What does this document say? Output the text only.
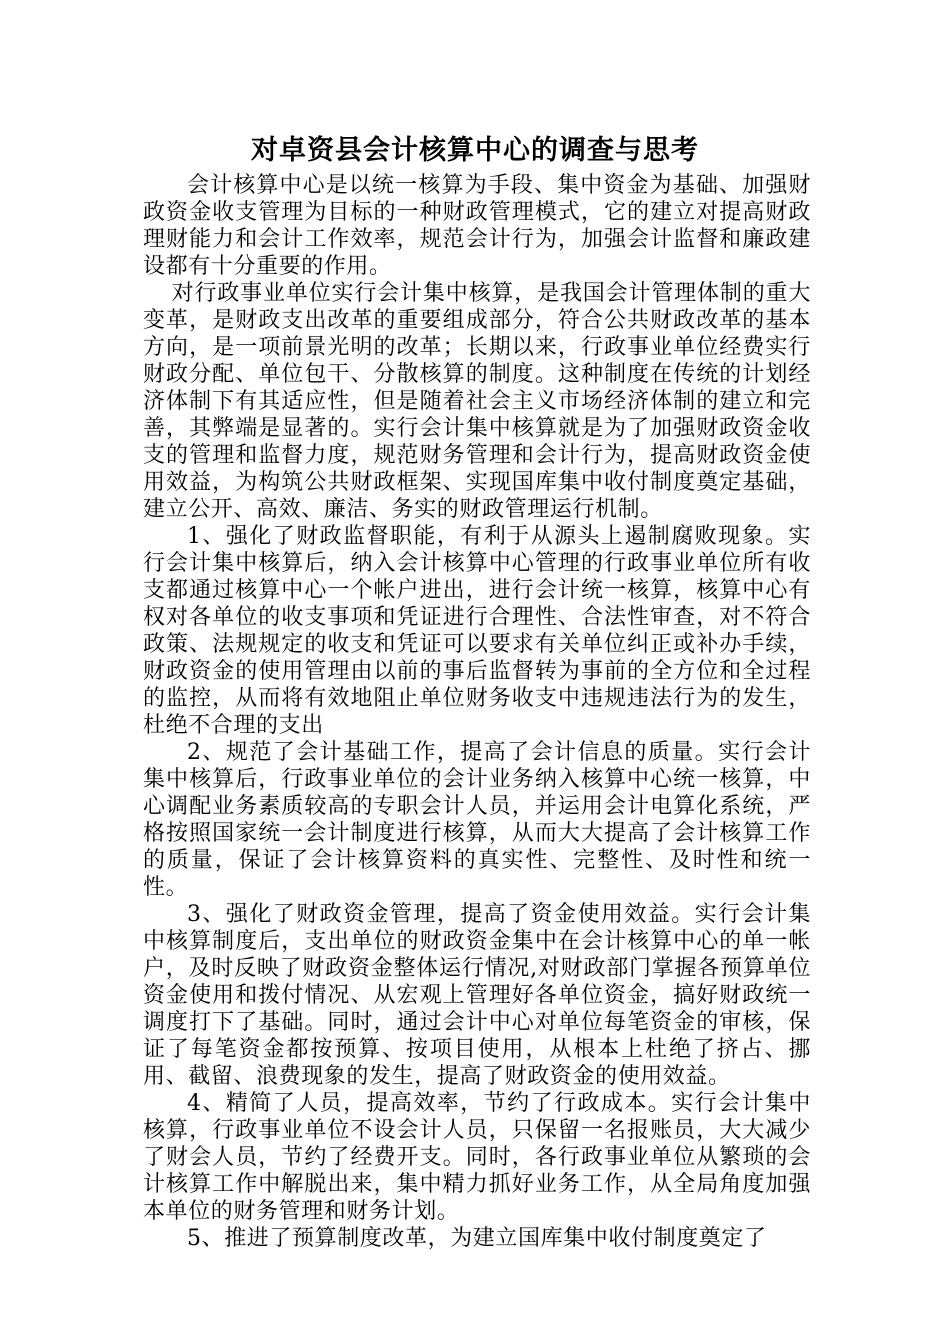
对卓资县会计核算中心的调查与思考

会计核算中心是以统一核算为手段、集中资金为基础、加强财政资金收支管理为目标的一种财政管理模式，它的建立对提高财政理财能力和会计工作效率，规范会计行为，加强会计监督和廉政建设都有十分重要的作用。

对行政事业单位实行会计集中核算，是我国会计管理体制的重大变革，是财政支出改革的重要组成部分，符合公共财政改革的基本方向，是一项前景光明的改革；长期以来，行政事业单位经费实行财政分配、单位包干、分散核算的制度。这种制度在传统的计划经济体制下有其适应性，但是随着社会主义市场经济体制的建立和完善，其弊端是显著的。实行会计集中核算就是为了加强财政资金收支的管理和监督力度，规范财务管理和会计行为，提高财政资金使用效益，为构筑公共财政框架、实现国库集中收付制度奠定基础，建立公开、高效、廉洁、务实的财政管理运行机制。

1、强化了财政监督职能，有利于从源头上遏制腐败现象。实行会计集中核算后，纳入会计核算中心管理的行政事业单位所有收支都通过核算中心一个帐户进出，进行会计统一核算，核算中心有权对各单位的收支事项和凭证进行合理性、合法性审查，对不符合政策、法规规定的收支和凭证可以要求有关单位纠正或补办手续，财政资金的使用管理由以前的事后监督转为事前的全方位和全过程的监控，从而将有效地阻止单位财务收支中违规违法行为的发生，杜绝不合理的支出

2、规范了会计基础工作，提高了会计信息的质量。实行会计集中核算后，行政事业单位的会计业务纳入核算中心统一核算，中心调配业务素质较高的专职会计人员，并运用会计电算化系统，严格按照国家统一会计制度进行核算，从而大大提高了会计核算工作的质量，保证了会计核算资料的真实性、完整性、及时性和统一性。

3、强化了财政资金管理，提高了资金使用效益。实行会计集中核算制度后，支出单位的财政资金集中在会计核算中心的单一帐户，及时反映了财政资金整体运行情况,对财政部门掌握各预算单位资金使用和拨付情况、从宏观上管理好各单位资金，搞好财政统一调度打下了基础。同时，通过会计中心对单位每笔资金的审核，保证了每笔资金都按预算、按项目使用，从根本上杜绝了挤占、挪用、截留、浪费现象的发生，提高了财政资金的使用效益。

4、精简了人员，提高效率，节约了行政成本。实行会计集中核算，行政事业单位不设会计人员，只保留一名报账员，大大减少了财会人员，节约了经费开支。同时，各行政事业单位从繁琐的会计核算工作中解脱出来，集中精力抓好业务工作，从全局角度加强本单位的财务管理和财务计划。

5、推进了预算制度改革，为建立国库集中收付制度奠定了
